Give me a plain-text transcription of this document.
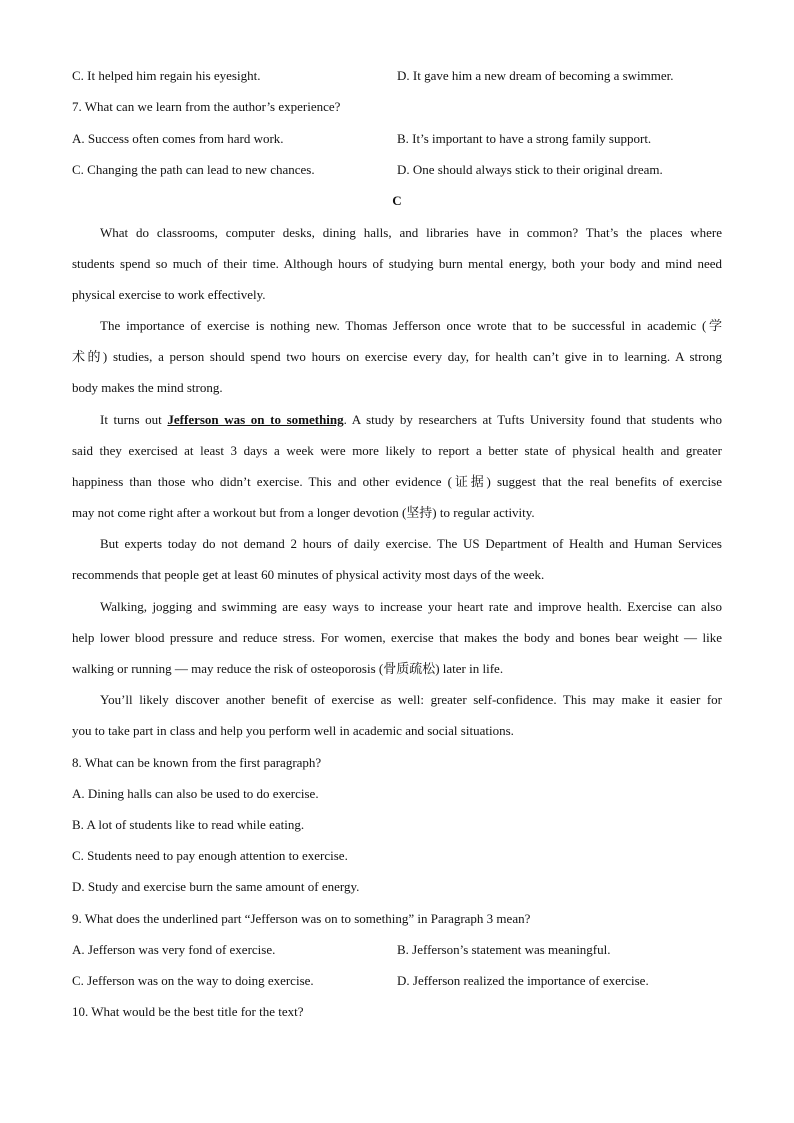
C. It helped him regain his eyesight.	D. It gave him a new dream of becoming a swimmer.
7. What can we learn from the author’s experience?
A. Success often comes from hard work.	B. It’s important to have a strong family support.
C. Changing the path can lead to new chances.	D. One should always stick to their original dream.
C
What do classrooms, computer desks, dining halls, and libraries have in common? That’s the places where
students spend so much of their time. Although hours of studying burn mental energy, both your body and mind need
physical exercise to work effectively.
The importance of exercise is nothing new. Thomas Jefferson once wrote that to be successful in academic (学
术的) studies, a person should spend two hours on exercise every day, for health can’t give in to learning. A strong
body makes the mind strong.
It turns out Jefferson was on to something. A study by researchers at Tufts University found that students who
said they exercised at least 3 days a week were more likely to report a better state of physical health and greater
happiness than those who didn’t exercise. This and other evidence (证据) suggest that the real benefits of exercise
may not come right after a workout but from a longer devotion (坚持) to regular activity.
But experts today do not demand 2 hours of daily exercise. The US Department of Health and Human Services
recommends that people get at least 60 minutes of physical activity most days of the week.
Walking, jogging and swimming are easy ways to increase your heart rate and improve health. Exercise can also
help lower blood pressure and reduce stress. For women, exercise that makes the body and bones bear weight — like
walking or running — may reduce the risk of osteoporosis (骨质疏松) later in life.
You’ll likely discover another benefit of exercise as well: greater self-confidence. This may make it easier for
you to take part in class and help you perform well in academic and social situations.
8. What can be known from the first paragraph?
A. Dining halls can also be used to do exercise.
B. A lot of students like to read while eating.
C. Students need to pay enough attention to exercise.
D. Study and exercise burn the same amount of energy.
9. What does the underlined part “Jefferson was on to something” in Paragraph 3 mean?
A. Jefferson was very fond of exercise.	B. Jefferson’s statement was meaningful.
C. Jefferson was on the way to doing exercise.	D. Jefferson realized the importance of exercise.
10. What would be the best title for the text?
